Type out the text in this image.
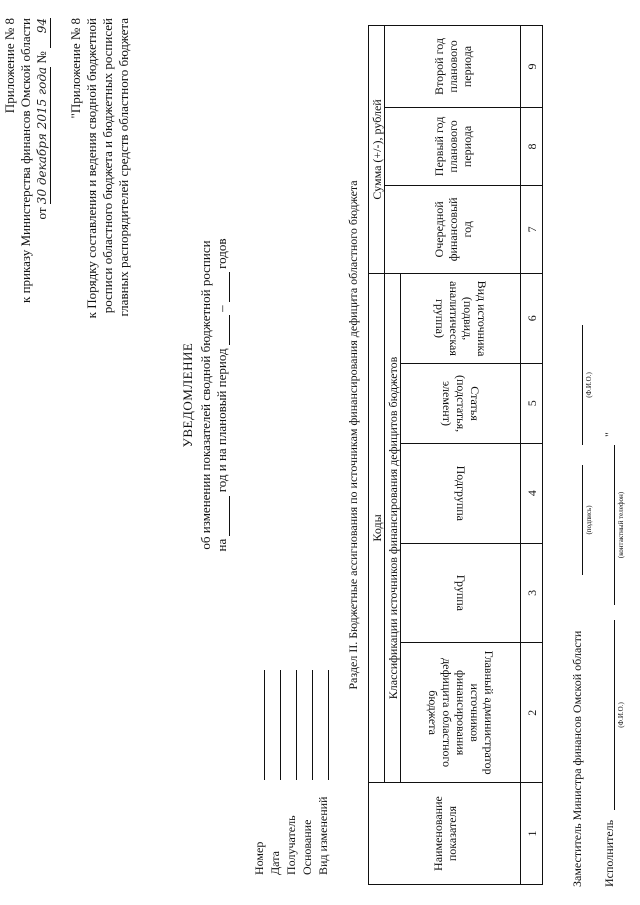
Приложение № 8 к приказу Министерства финансов Омской области от 30 декабря 2015 года № 94 "Приложение № 8 к Порядку составления и ведения сводной бюджетной росписи областного бюджета и бюджетных росписей главных распорядителей средств областного бюджета
УВЕДОМЛЕНИЕ об изменении показателей сводной бюджетной росписи на   год и на плановый период   –   годов
Номер Дата Получатель Основание Вид изменений
Раздел II. Бюджетные ассигнования по источникам финансирования дефицита областного бюджета
Наименование показателя	Коды					Сумма (+/-), рублей		
	Классификации источников финансирования дефицитов бюджетов					Очередной финансовый год	Первый год планового периода	Второй год планового периода
	Главный администратор источников финансирования дефицита областного бюджета	Группа	Подгруппа	Статья (подстатья, элемент)	Вид источника (подвид, аналитическая группа)			
1	2	3	4	5	6	7	8	9
Заместитель Министра финансов Омской области
(подпись)
(Ф.И.О.)
Исполнитель
(Ф.И.О.)
(контактный телефон)
"
